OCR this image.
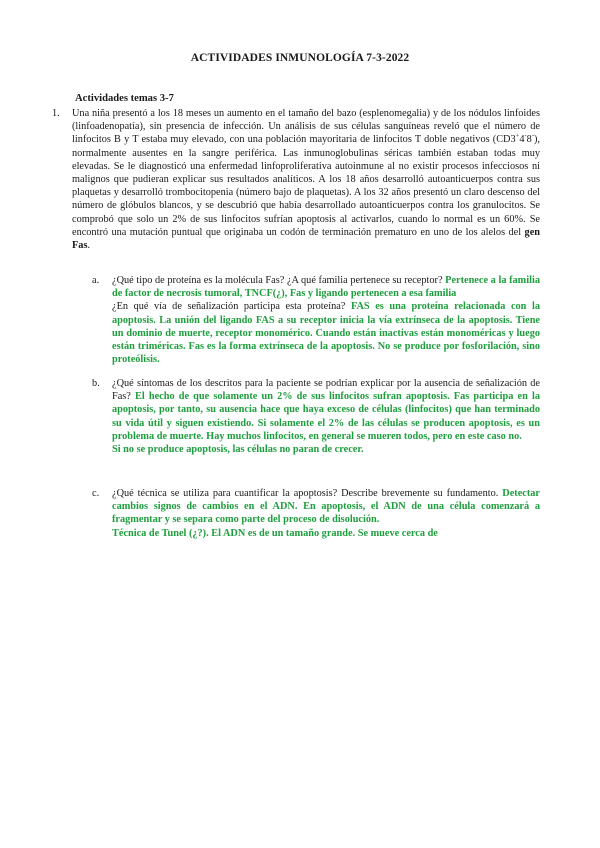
ACTIVIDADES INMUNOLOGÍA 7-3-2022
Actividades temas 3-7
1. Una niña presentó a los 18 meses un aumento en el tamaño del bazo (esplenomegalia) y de los nódulos linfoides (linfoadenopatía), sin presencia de infección. Un análisis de sus células sanguíneas reveló que el número de linfocitos B y T estaba muy elevado, con una población mayoritaria de linfocitos T doble negativos (CD3+4-8-), normalmente ausentes en la sangre periférica. Las inmunoglobulinas séricas también estaban todas muy elevadas. Se le diagnosticó una enfermedad linfoproliferativa autoinmune al no existir procesos infecciosos ni malignos que pudieran explicar sus resultados analíticos. A los 18 años desarrolló autoanticuerpos contra sus plaquetas y desarrolló trombocitopenia (número bajo de plaquetas). A los 32 años presentó un claro descenso del número de glóbulos blancos, y se descubrió que había desarrollado autoanticuerpos contra los granulocitos. Se comprobó que solo un 2% de sus linfocitos sufrían apoptosis al activarlos, cuando lo normal es un 60%. Se encontró una mutación puntual que originaba un codón de terminación prematuro en uno de los alelos del gen Fas.
a. ¿Qué tipo de proteína es la molécula Fas? ¿A qué familia pertenece su receptor? Pertenece a la familia de factor de necrosis tumoral, TNCF(¿), Fas y ligando pertenecen a esa familia
¿En qué vía de señalización participa esta proteína? FAS es una proteína relacionada con la apoptosis. La unión del ligando FAS a su receptor inicia la vía extrínseca de la apoptosis. Tiene un dominio de muerte, receptor monomérico. Cuando están inactivas están monoméricas y luego están triméricas. Fas es la forma extrínseca de la apoptosis. No se produce por fosforilación, sino proteólisis.
b. ¿Qué síntomas de los descritos para la paciente se podrían explicar por la ausencia de señalización de Fas? El hecho de que solamente un 2% de sus linfocitos sufran apoptosis. Fas participa en la apoptosis, por tanto, su ausencia hace que haya exceso de células (linfocitos) que han terminado su vida útil y siguen existiendo. Si solamente el 2% de las células se producen apoptosis, es un problema de muerte. Hay muchos linfocitos, en general se mueren todos, pero en este caso no.
Si no se produce apoptosis, las células no paran de crecer.
c. ¿Qué técnica se utiliza para cuantificar la apoptosis? Describe brevemente su fundamento. Detectar cambios signos de cambios en el ADN. En apoptosis, el ADN de una célula comenzará a fragmentar y se separa como parte del proceso de disolución.
Técnica de Tunel (¿?). El ADN es de un tamaño grande. Se mueve cerca de
